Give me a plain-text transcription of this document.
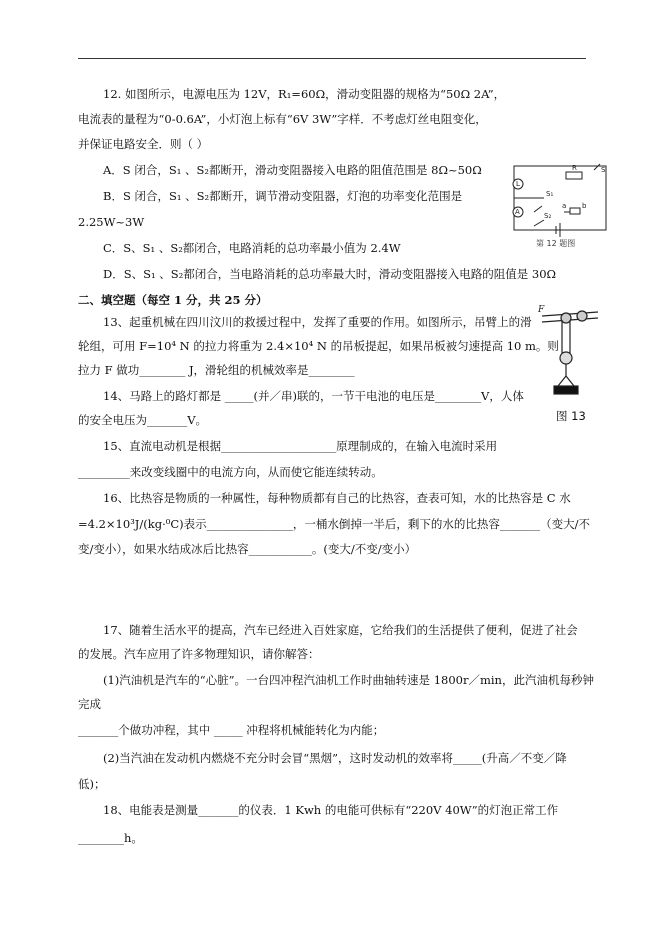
12. 如图所示，电源电压为 12V，R₁=60Ω，滑动变阻器的规格为“50Ω 2A”，
电流表的量程为“0-0.6A”，小灯泡上标有“6V 3W”字样．不考虑灯丝电阻变化，
并保证电路安全．则（ ）
A．S 闭合，S₁ 、S₂都断开，滑动变阻器接入电路的阻值范围是 8Ω~50Ω
B．S 闭合，S₁ 、S₂都断开，调节滑动变阻器，灯泡的功率变化范围是
2.25W~3W
C．S、S₁ 、S₂都闭合，电路消耗的总功率最小值为 2.4W
D．S、S₁ 、S₂都闭合，当电路消耗的总功率最大时，滑动变阻器接入电路的阻值是 30Ω
L
A
R	S
S₁
S₂
a b
第 12 题图
二、填空题（每空 1 分，共 25 分）
13、起重机械在四川汶川的救援过程中，发挥了重要的作用。如图所示，吊臂上的滑
轮组，可用 F=10⁴ N 的拉力将重为 2.4×10⁴ N 的吊板提起，如果吊板被匀速提高 10 m。则
拉力 F 做功________ J，滑轮组的机械效率是________
F
图 13
14、马路上的路灯都是 _____(并／串)联的，一节干电池的电压是________V，人体
的安全电压为_______V。
15、直流电动机是根据____________________原理制成的，在输入电流时采用
_________来改变线圈中的电流方向，从而使它能连续转动。
16、比热容是物质的一种属性，每种物质都有自己的比热容，查表可知，水的比热容是 C 水
=4.2×10³J/(kg·⁰C)表示_______________，一桶水倒掉一半后，剩下的水的比热容_______（变大/不
变/变小），如果水结成冰后比热容___________。(变大/不变/变小）
17、随着生活水平的提高，汽车已经进入百姓家庭，它给我们的生活提供了便利，促进了社会
的发展。汽车应用了许多物理知识，请你解答：
(1)汽油机是汽车的“心脏”。一台四冲程汽油机工作时曲轴转速是 1800r／min，此汽油机每秒钟
完成
_______个做功冲程，其中 _____ 冲程将机械能转化为内能；
(2)当汽油在发动机内燃烧不充分时会冒“黑烟”，这时发动机的效率将_____(升高／不变／降
低)；
18、电能表是测量_______的仪表．1 Kwh 的电能可供标有“220V 40W”的灯泡正常工作
________h。
